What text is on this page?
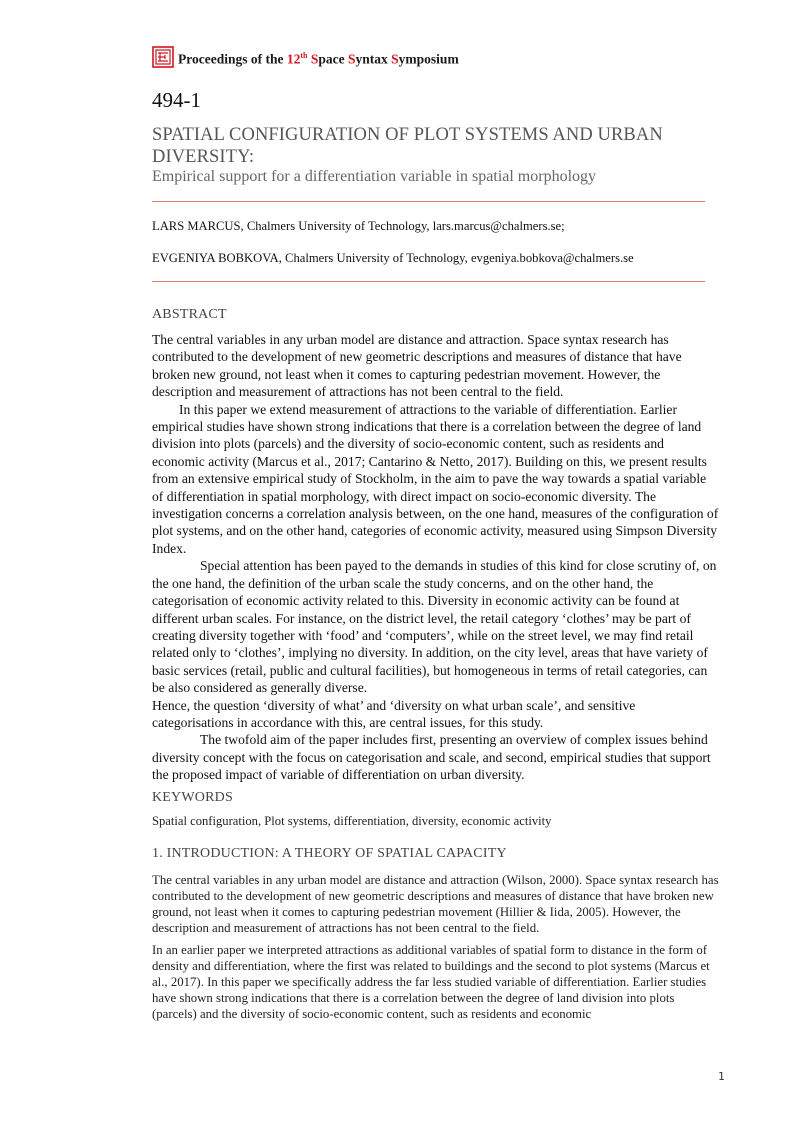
Proceedings of the 12th Space Syntax Symposium
494-1
SPATIAL CONFIGURATION OF PLOT SYSTEMS AND URBAN
DIVERSITY:
Empirical support for a differentiation variable in spatial morphology
LARS MARCUS, Chalmers University of Technology, lars.marcus@chalmers.se;
EVGENIYA BOBKOVA, Chalmers University of Technology, evgeniya.bobkova@chalmers.se
ABSTRACT

The central variables in any urban model are distance and attraction. Space syntax research has contributed to the development of new geometric descriptions and measures of distance that have broken new ground, not least when it comes to capturing pedestrian movement. However, the description and measurement of attractions has not been central to the field.

In this paper we extend measurement of attractions to the variable of differentiation. Earlier empirical studies have shown strong indications that there is a correlation between the degree of land division into plots (parcels) and the diversity of socio-economic content, such as residents and economic activity (Marcus et al., 2017; Cantarino & Netto, 2017). Building on this, we present results from an extensive empirical study of Stockholm, in the aim to pave the way towards a spatial variable of differentiation in spatial morphology, with direct impact on socio-economic diversity. The investigation concerns a correlation analysis between, on the one hand, measures of the configuration of plot systems, and on the other hand, categories of economic activity, measured using Simpson Diversity Index.

Special attention has been payed to the demands in studies of this kind for close scrutiny of, on the one hand, the definition of the urban scale the study concerns, and on the other hand, the categorisation of economic activity related to this. Diversity in economic activity can be found at different urban scales. For instance, on the district level, the retail category ‘clothes’ may be part of creating diversity together with ‘food’ and ‘computers’, while on the street level, we may find retail related only to ‘clothes’, implying no diversity. In addition, on the city level, areas that have variety of basic services (retail, public and cultural facilities), but homogeneous in terms of retail categories, can be also considered as generally diverse.

Hence, the question ‘diversity of what’ and ‘diversity on what urban scale’, and sensitive categorisations in accordance with this, are central issues, for this study.

The twofold aim of the paper includes first, presenting an overview of complex issues behind diversity concept with the focus on categorisation and scale, and second, empirical studies that support the proposed impact of variable of differentiation on urban diversity.

KEYWORDS
Spatial configuration, Plot systems, differentiation, diversity, economic activity
1. INTRODUCTION: A THEORY OF SPATIAL CAPACITY

The central variables in any urban model are distance and attraction (Wilson, 2000). Space syntax research has contributed to the development of new geometric descriptions and measures of distance that have broken new ground, not least when it comes to capturing pedestrian movement (Hillier & Iida, 2005). However, the description and measurement of attractions has not been central to the field.

In an earlier paper we interpreted attractions as additional variables of spatial form to distance in the form of density and differentiation, where the first was related to buildings and the second to plot systems (Marcus et al., 2017). In this paper we specifically address the far less studied variable of differentiation. Earlier studies have shown strong indications that there is a correlation between the degree of land division into plots (parcels) and the diversity of socio-economic content, such as residents and economic

1
